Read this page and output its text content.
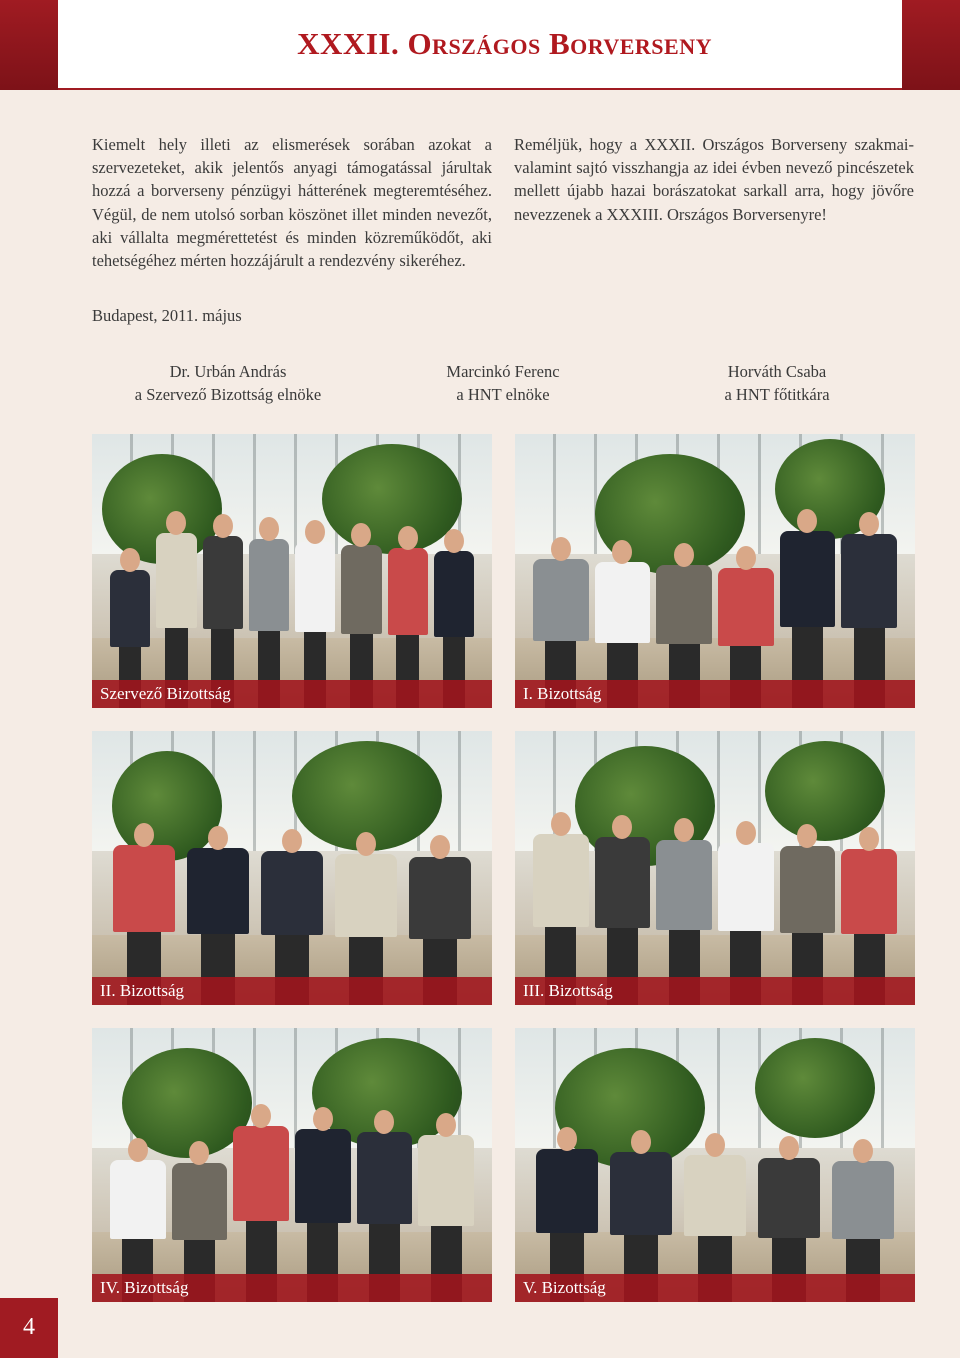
XXXII. Országos Borverseny

Kiemelt hely illeti az elismerések sorában azokat a szervezeteket, akik jelentős anyagi támogatással járultak hozzá a borverseny pénzügyi hátterének megteremtéséhez. Végül, de nem utolsó sorban köszönet illet minden nevezőt, aki vállalta megmérettetést és minden közreműködőt, aki tehetségéhez mérten hozzájárult a rendezvény sikeréhez.

Reméljük, hogy a XXXII. Országos Borverseny szakmai- valamint sajtó visszhangja az idei évben nevező pincészetek mellett újabb hazai borászatokat sarkall arra, hogy jövőre nevezzenek a XXXIII. Országos Borversenyre!

Budapest, 2011. május
Dr. Urbán András
a Szervező Bizottság elnöke
Marcinkó Ferenc
a HNT elnöke
Horváth Csaba
a HNT főtitkára
Szervező Bizottság	I. Bizottság
II. Bizottság	III. Bizottság
IV. Bizottság	V. Bizottság
4
